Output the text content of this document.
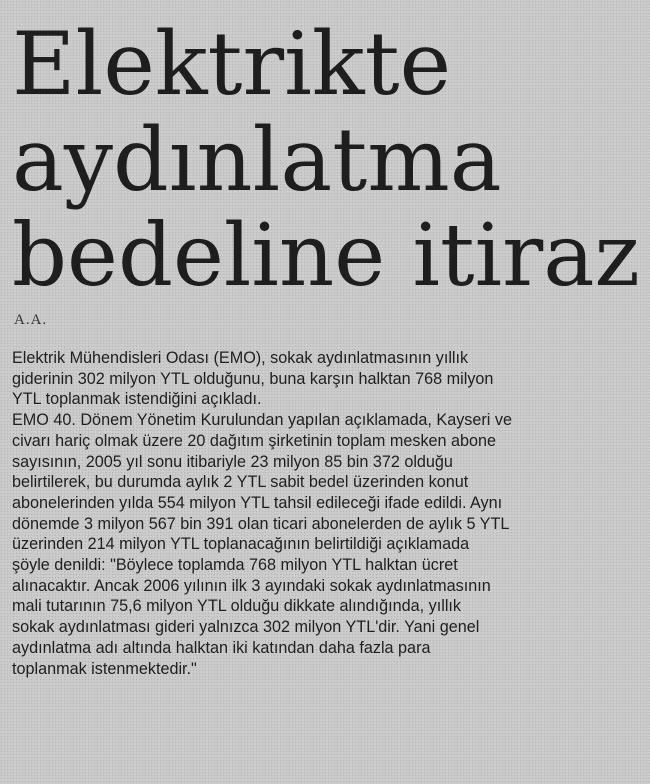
Elektrikte
aydınlatma
bedeline itiraz
A.A.
Elektrik Mühendisleri Odası (EMO), sokak aydınlatmasının yıllık
giderinin 302 milyon YTL olduğunu, buna karşın halktan 768 milyon
YTL toplanmak istendiğini açıkladı.
EMO 40. Dönem Yönetim Kurulundan yapılan açıklamada, Kayseri ve
civarı hariç olmak üzere 20 dağıtım şirketinin toplam mesken abone
sayısının, 2005 yıl sonu itibariyle 23 milyon 85 bin 372 olduğu
belirtilerek, bu durumda aylık 2 YTL sabit bedel üzerinden konut
abonelerinden yılda 554 milyon YTL tahsil edileceği ifade edildi. Aynı
dönemde 3 milyon 567 bin 391 olan ticari abonelerden de aylık 5 YTL
üzerinden 214 milyon YTL toplanacağının belirtildiği açıklamada
şöyle denildi: "Böylece toplamda 768 milyon YTL halktan ücret
alınacaktır. Ancak 2006 yılının ilk 3 ayındaki sokak aydınlatmasının
mali tutarının 75,6 milyon YTL olduğu dikkate alındığında, yıllık
sokak aydınlatması gideri yalnızca 302 milyon YTL'dir. Yani genel
aydınlatma adı altında halktan iki katından daha fazla para
toplanmak istenmektedir."
